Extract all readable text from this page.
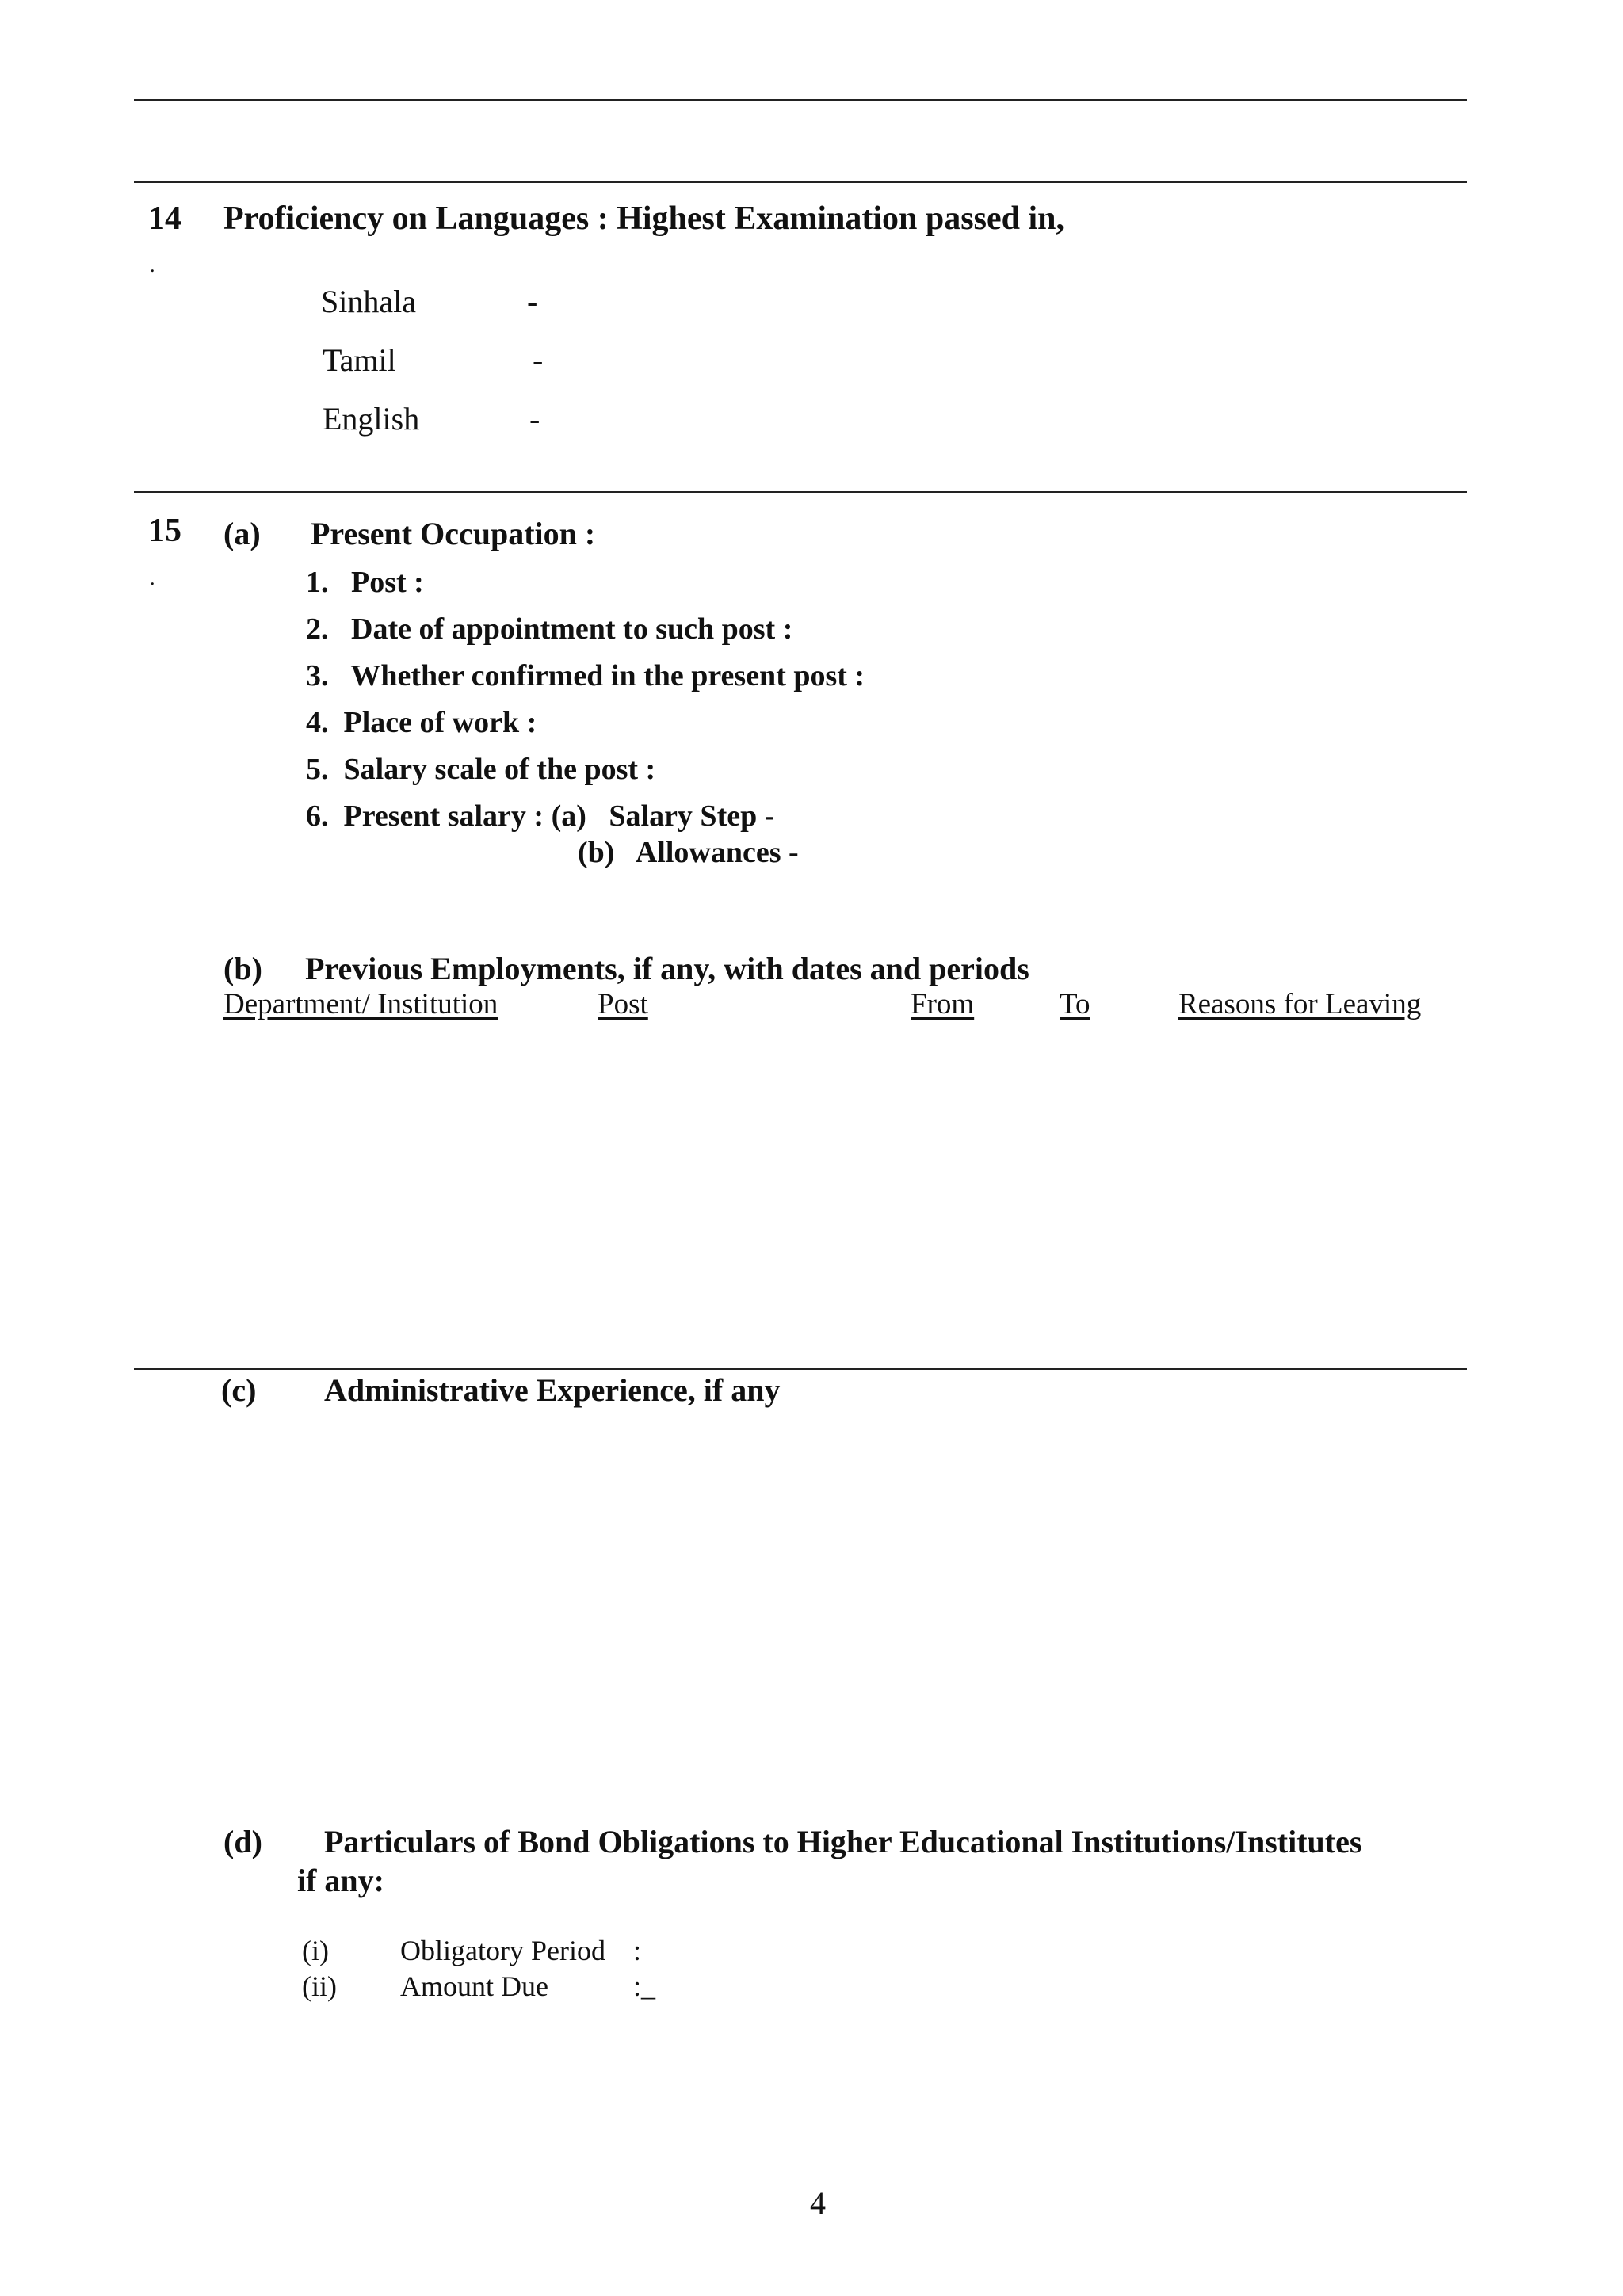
14
.
Proficiency on Languages : Highest Examination passed in,
Sinhala	-
Tamil	-
English	-
15
.
(a) Present Occupation :
1.   Post :
2.   Date of appointment to such post :
3.   Whether confirmed in the present post :
4.  Place of work :
5.  Salary scale of the post :
6.  Present salary : (a)   Salary Step -
(b)   Allowances -
(b) Previous Employments, if any, with dates and periods
Department/ Institution	Post	From	To	Reasons for Leaving
(c) Administrative Experience, if any
(d) Particulars of Bond Obligations to Higher Educational Institutions/Institutes
if any:
(i)	Obligatory Period :
(ii) Amount Due	:_
4
